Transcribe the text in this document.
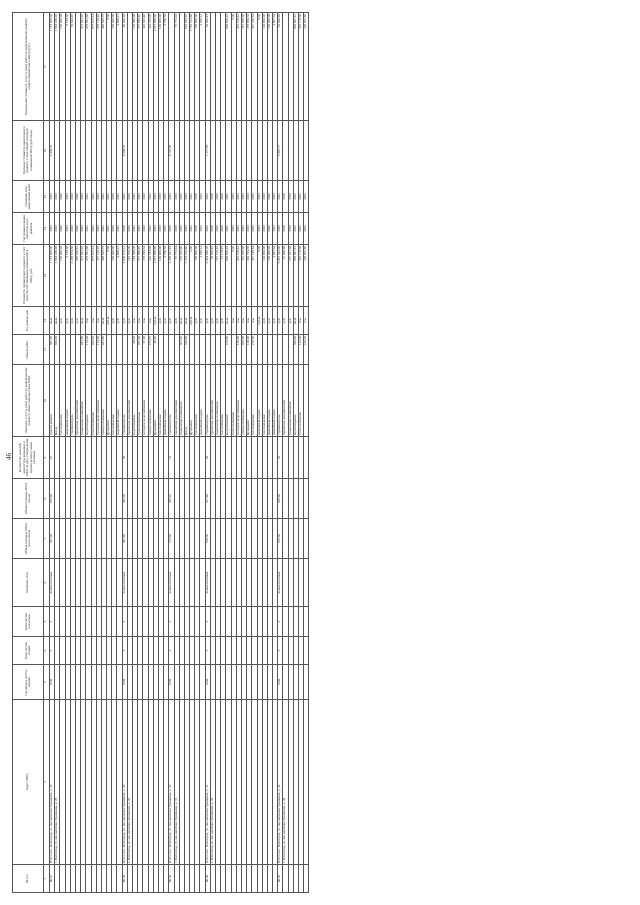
46
№ п/п	Адрес МКД	Год ввода в эксплу-атацию	Коли-чество этажей	Коли-чество подъездов	Материал стен	Общая площадь МКД, всего (кв.м)	Общая площадь МКД (кв.м)	Количество жителей, зарегистри-рованных в МКД на дату утверждения краткосрочного плана (человек)	Перечень услуг и (или) работ по капитальному ремонту общего имущества в МКД	Объем работ	Ед. измере-ния	Стоимость планируемого ремонта в счет средств собственников помещений в МКД, руб.	Год планиро-вания капиталь-ного ремонта	Плановая дата завер-шения работ	Удельная стоимость капитального ремонта 1 кв.м общей площади помещений МКД (руб./кв.м)	Предельная стоимость услуг и (или) работ по капитальному ремонту общего имущества в МКД (руб.)
1	2	3	4	5	6	7	8	9	10	11	12	13	14	15	16	17
№ 81	Итого пос. Волгоград, ул. им. капитана Тришкина, д. 25	1949	2	2	шлако-блочные	567,00	535,60	27	ремонт крыши	387,00	кв.м.	1 735 849,00	2022	2022	6 456,81	1 735 849,00
	г. Волгоград, ул. им. капитана Тришкина, д. 26								фасад	692,00	кв.м.	1 933 249,20	2022	2022		1 933 249,20
									газоснабжение		руб.	130 000,00	2020	2020		130 000,00
									аварийный подвал		руб.	6 318,38	2022	2022		6 318,38
									стройконтроль		руб.	3 458 674,50	2020	2022		52 944,93
									проектная документация		руб.	296 668,81	2020	2020		
									подвальные помещения	481,80	кв.м.	915 863,26	2022	2022		915 863,26
									водоотведение	113,00	п.м.	235 091,68	2022	2022		235 091,68
									теплоснабжение	452,00	п.м.	877 473,14	2022	2022		877 473,14
									холодное водоснабжение	110,00	п.м.	237 218,20	2022	2022		239 738,40
									электроснабжение	481,80	кв.м.	248 826,79	2022	2022		248 826,79
									фундамент		куб.м.	0,00	2022	2022		0,00
									газоснабжение		руб.	130 000,00	2020	2020		130 000,00
									аварийный подвал		руб.	4 908,12	2022	2022		4 908,12
№ 82	Итого пос. Волгоград, ул. им. капитана Тришкина, д. 26	1949	2	2	шлако-блочные	481,80	452,60	26	стройконтроль		руб.	2 830 574,14	2020	2022	6 608,01	40 449,26
	г. Волгоград, ул. им. капитана Тришкина, д. 30								проектная документация		руб.	145 910,00	2020	2020		
									водоотведение	68,00	п.м.	153 590,08	2022	2022		153 590,08
									теплоснабжение	207,00	п.м.	377 996,46	2022	2022		377 996,46
									холодное водоснабжение	67,00	п.м.	178 296,34	2022	2022		146 022,48
									электроснабжение	275,61	п.м.	142 783,06	2022	2022		142 783,06
									фундамент	46,48	куб.м.	1 077 988,00	2022	2022		1 077 988,00
									газоснабжение		руб.	130 000,00	2020	2020		130 000,00
									аварийный подвал		руб.	3 780,50	2022	2022		3 780,50
№ 83	Итого пос. Волгоград, ул. им. капитана Тришкина, д. 30	1949	2	1	шлако-блочные	273,60	255,10	12	стройконтроль		руб.	2 209 297,91	2020	2022	8 725,00	
	г. Волгоград, ул. им. капитана Тришкина, д. 31								проектная документация		руб.	57 772,24	2020	2020		57 772,24
									подвальные помещения	501,00	кв.м.	370 265,00	2022	2022		
									фасад	544,00	кв.м.	1 765 162,80	2022	2022		952 960,92
									фундамент		куб.м.	0,00	2022	2022		1 765 162,80
									газоснабжение		руб.	130 000,00	2020	2020		130 000,00
									аварийный подвал		руб.	3 550,12	2022	2022		3 550,12
№ 84	Итого пос. Волгоград, ул. им. капитана Тришкина, д. 31	1949	2	2	шлако-блочные	510,00	477,90	26	стройконтроль		руб.	3 864 588,78	2020	2022	7 177,95	52 506,45
	г. Волгоград, ул. им. капитана Тришкина, д. 34								проектная документация		руб.	52 506,45	2020	2020		
									подвальные помещения		руб.	197 478,23	2020	2020		
									газоснабжение		руб.	31 178,97	2020	2020		
									водоотведение	478,50	кв.м.	909 590,22	2022	2022		909 590,22
									теплоснабжение		п.м.	0,00	2022	2022		0,00
									холодное водоснабжение	129,00	п.м.	291 199,44	2022	2022		291 199,44
									электроснабжение	406,00	п.м.	741 266,68	2022	2022		741 266,68
									фундамент	128,00	п.м.	304 794,36	2022	2022		278 968,32
									газоснабжение	478,50	п.м.	247 186,54	2022	2022		247 186,54
									аварийный подвал		куб.м.	0,00	2022	2022		0,00
									газоснабжение		руб.	130 000,00	2020	2020		130 000,00
									аварийный подвал		руб.	130 000,00	2020	2020		130 000,00
									аварийный подвал		руб.	4 907,34	2022	2022		4 907,34
№ 85	Итого пос. Волгоград, ул. им. капитана Тришкина, д. 34	1949	2	2	шлако-блочные	478,50	429,80	23	стройконтроль		руб.	3 091 343,06	2020	2022	6 987,77	53 848,89
	г. Волгоград, ул. им. капитана Тришкина, д. 36								проектная документация		руб.	51 848,89	2020	2020		
									подвальные помещения		руб.	167 457,00	2020	2020		
									водоотведение	598,60	кв.м.	966 897,91	2022	2022		966 897,91
									теплоснабжение	123,00	п.м.	281 170,00	2022	2022		281 170,00
										410,00	п.м.	748 503,80	2022	2022		748 503,80
